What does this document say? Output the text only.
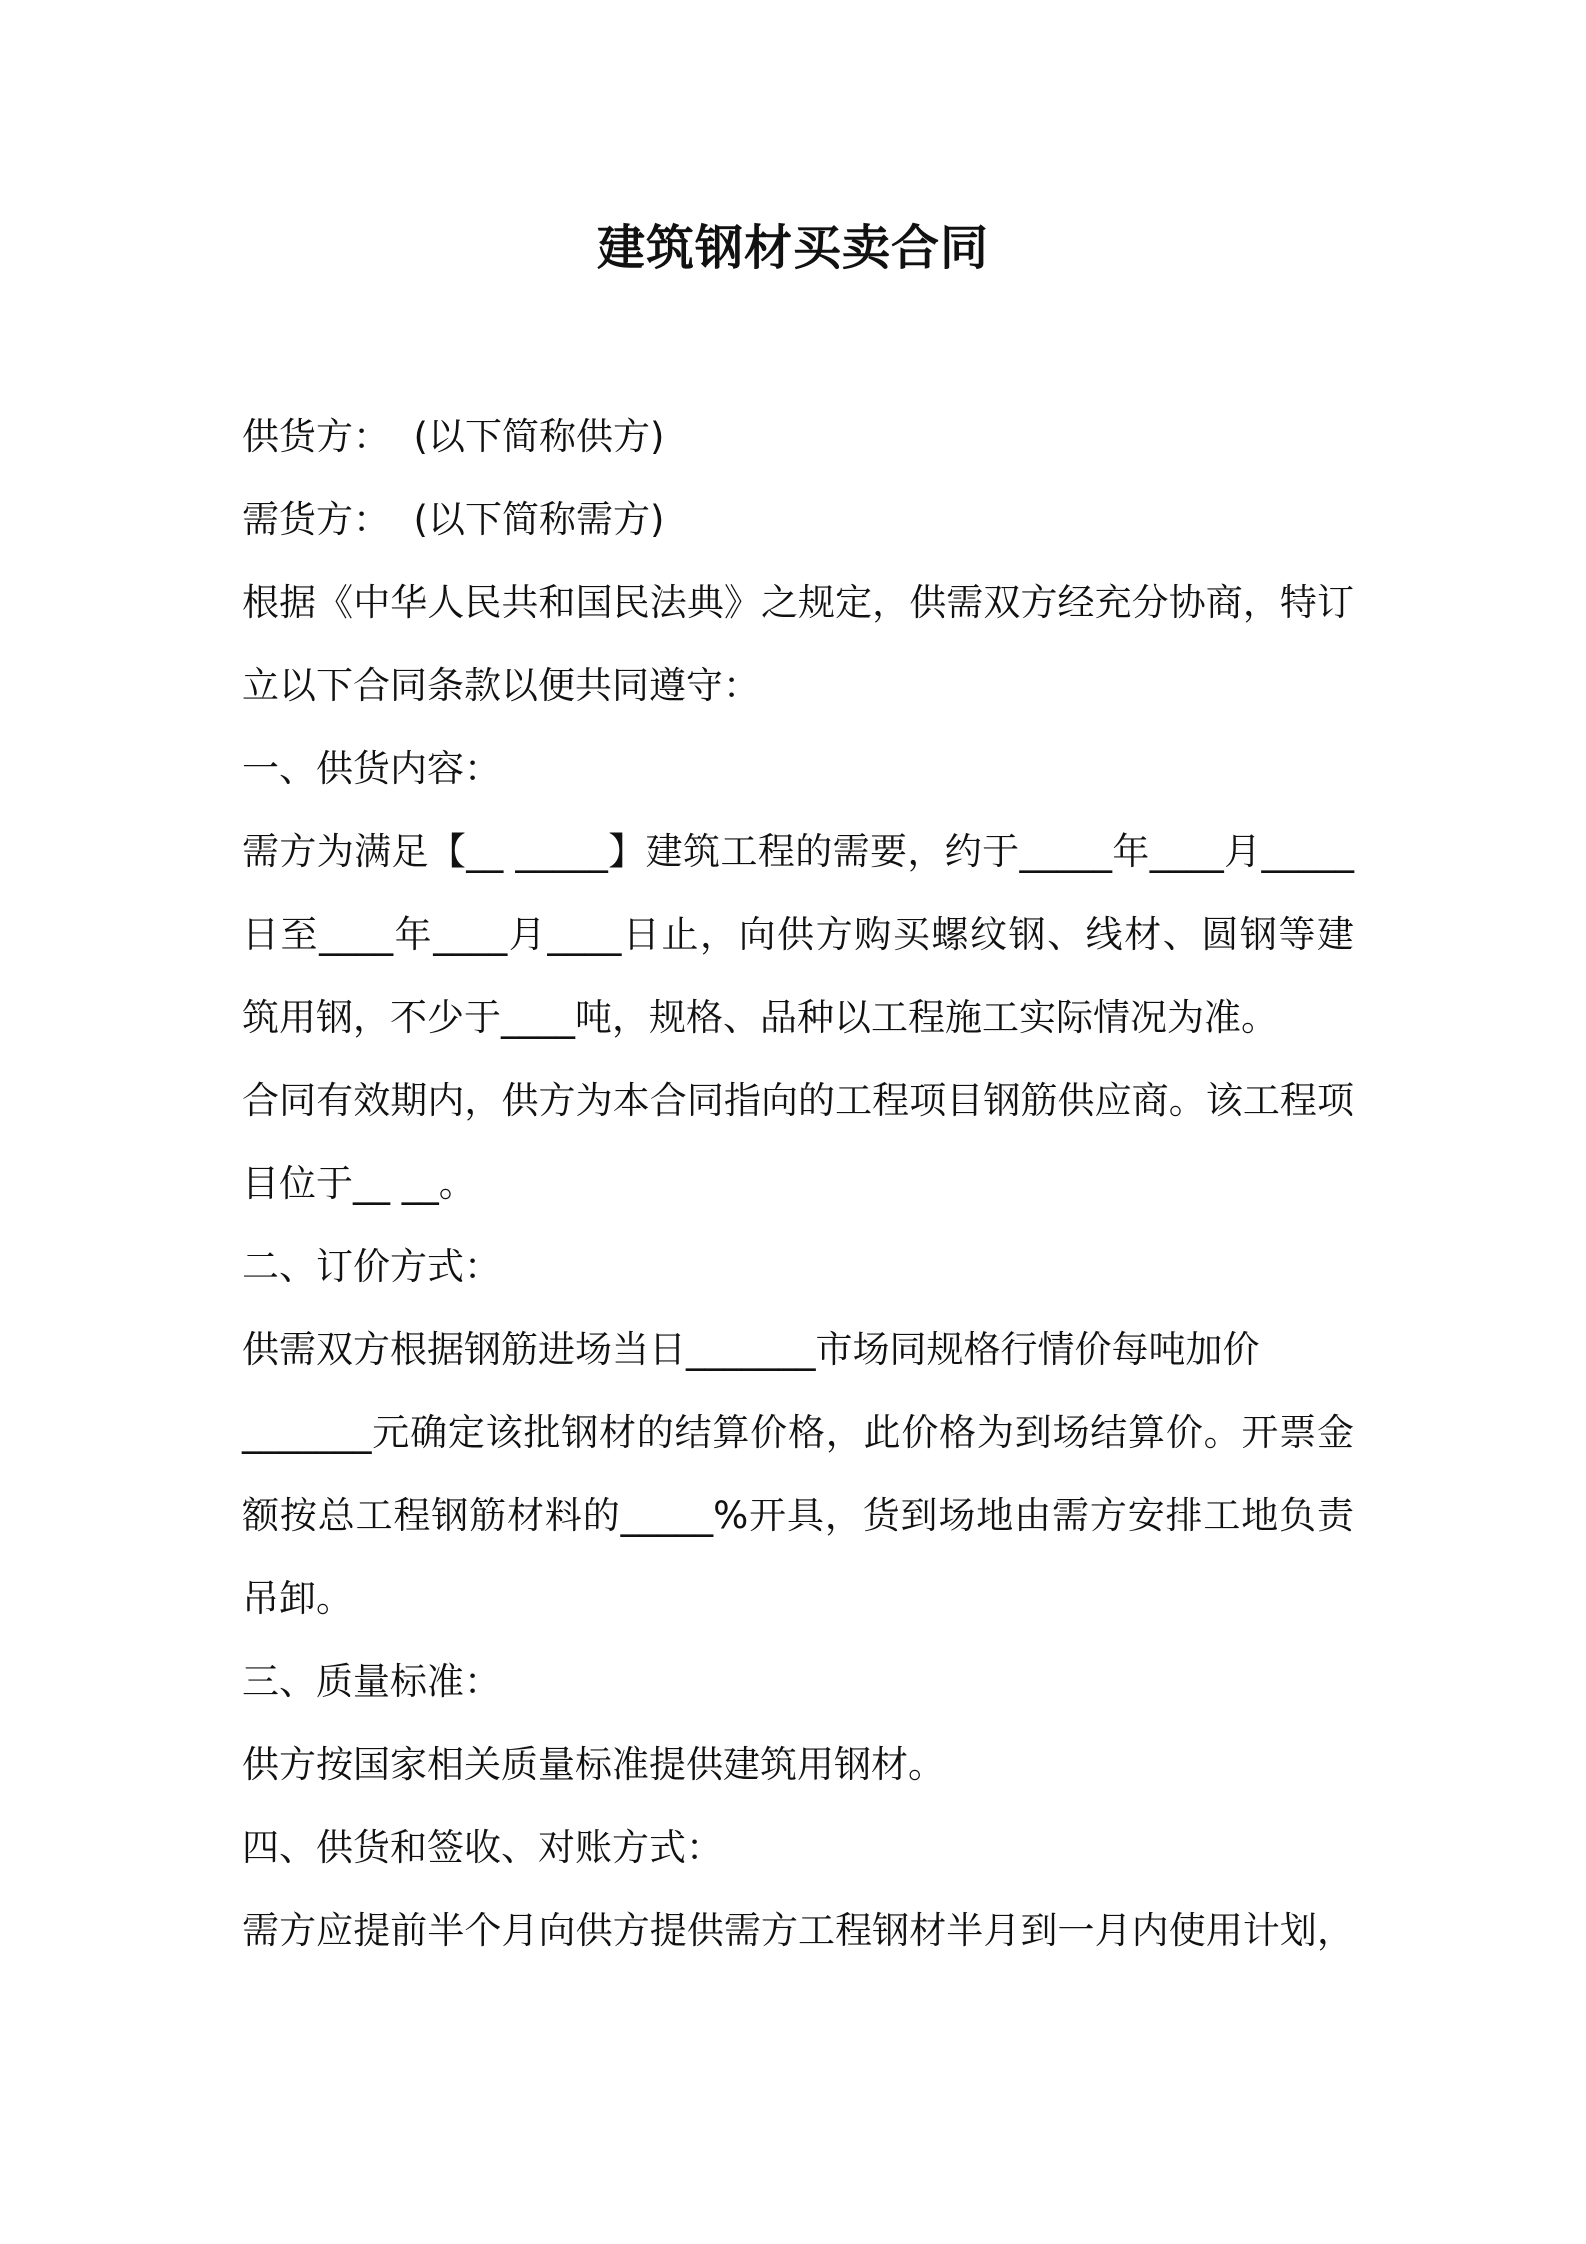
建筑钢材买卖合同

供货方：  (以下简称供方)

需货方：  (以下简称需方)

根据《中华人民共和国民法典》之规定，供需双方经充分协商，特订

立以下合同条款以便共同遵守：

一、供货内容：

需方为满足【__ _____】建筑工程的需要，约于_____年____月_____

日至____年____月____日止，向供方购买螺纹钢、线材、圆钢等建

筑用钢，不少于____吨，规格、品种以工程施工实际情况为准。

合同有效期内，供方为本合同指向的工程项目钢筋供应商。该工程项

目位于__ __。

二、订价方式：

供需双方根据钢筋进场当日_______市场同规格行情价每吨加价

_______元确定该批钢材的结算价格，此价格为到场结算价。开票金

额按总工程钢筋材料的_____%开具，货到场地由需方安排工地负责

吊卸。

三、质量标准：

供方按国家相关质量标准提供建筑用钢材。

四、供货和签收、对账方式：

需方应提前半个月向供方提供需方工程钢材半月到一月内使用计划，
